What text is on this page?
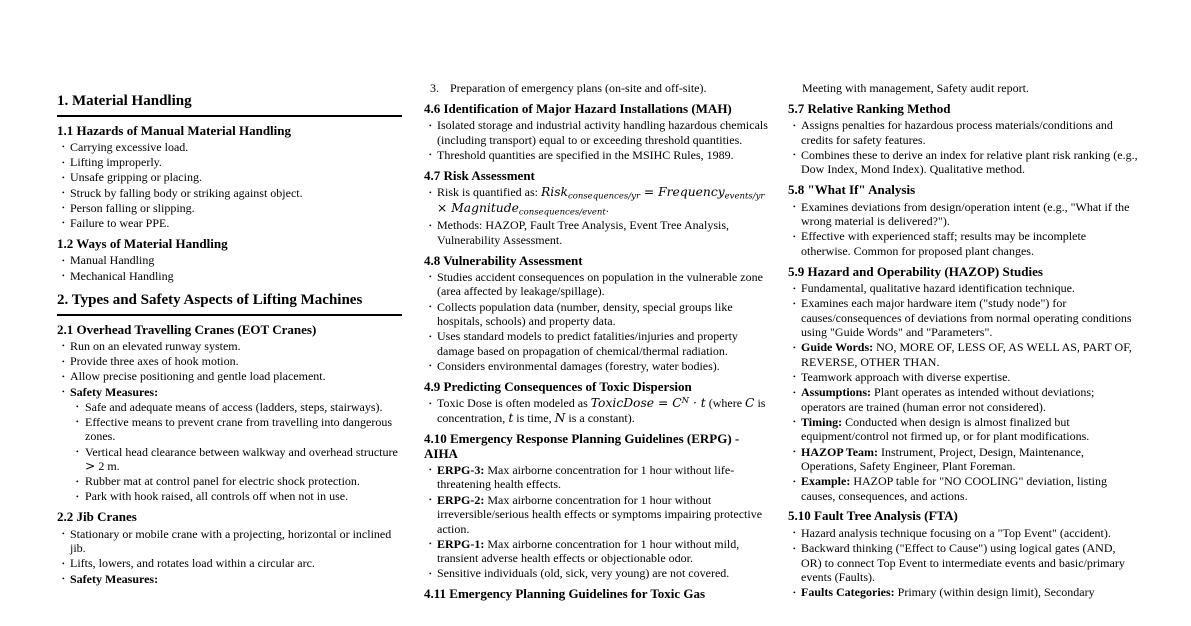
1. Material Handling
1.1 Hazards of Manual Material Handling
• Carrying excessive load.
• Lifting improperly.
• Unsafe gripping or placing.
• Struck by falling body or striking against object.
• Person falling or slipping.
• Failure to wear PPE.
1.2 Ways of Material Handling
• Manual Handling
• Mechanical Handling
2. Types and Safety Aspects of Lifting Machines
2.1 Overhead Travelling Cranes (EOT Cranes)
• Run on an elevated runway system.
• Provide three axes of hook motion.
• Allow precise positioning and gentle load placement.
• Safety Measures:
• Safe and adequate means of access (ladders, steps, stairways).
• Effective means to prevent crane from travelling into dangerous zones.
• Vertical head clearance between walkway and overhead structure > 2 m.
• Rubber mat at control panel for electric shock protection.
• Park with hook raised, all controls off when not in use.
2.2 Jib Cranes
• Stationary or mobile crane with a projecting, horizontal or inclined jib.
• Lifts, lowers, and rotates load within a circular arc.
• Safety Measures:
3. Preparation of emergency plans (on-site and off-site).
4.6 Identification of Major Hazard Installations (MAH)
• Isolated storage and industrial activity handling hazardous chemicals (including transport) equal to or exceeding threshold quantities.
• Threshold quantities are specified in the MSIHC Rules, 1989.
4.7 Risk Assessment
• Risk is quantified as: Risk$_{consequences/yr}$ = Frequency$_{events/yr}$ × Magnitude$_{consequences/event}$.
• Methods: HAZOP, Fault Tree Analysis, Event Tree Analysis, Vulnerability Assessment.
4.8 Vulnerability Assessment
• Studies accident consequences on population in the vulnerable zone (area affected by leakage/spillage).
• Collects population data (number, density, special groups like hospitals, schools) and property data.
• Uses standard models to predict fatalities/injuries and property damage based on propagation of chemical/thermal radiation.
• Considers environmental damages (forestry, water bodies).
4.9 Predicting Consequences of Toxic Dispersion
• Toxic Dose is often modeled as ToxicDose = $C^N \cdot t$ (where C is concentration, t is time, N is a constant).
4.10 Emergency Response Planning Guidelines (ERPG) - AIHA
• ERPG-3: Max airborne concentration for 1 hour without life-threatening health effects.
• ERPG-2: Max airborne concentration for 1 hour without irreversible/serious health effects or symptoms impairing protective action.
• ERPG-1: Max airborne concentration for 1 hour without mild, transient adverse health effects or objectionable odor.
• Sensitive individuals (old, sick, very young) are not covered.
4.11 Emergency Planning Guidelines for Toxic Gas
Meeting with management, Safety audit report.
5.7 Relative Ranking Method
• Assigns penalties for hazardous process materials/conditions and credits for safety features.
• Combines these to derive an index for relative plant risk ranking (e.g., Dow Index, Mond Index). Qualitative method.
5.8 "What If" Analysis
• Examines deviations from design/operation intent (e.g., "What if the wrong material is delivered?").
• Effective with experienced staff; results may be incomplete otherwise. Common for proposed plant changes.
5.9 Hazard and Operability (HAZOP) Studies
• Fundamental, qualitative hazard identification technique.
• Examines each major hardware item ("study node") for causes/consequences of deviations from normal operating conditions using "Guide Words" and "Parameters".
• Guide Words: NO, MORE OF, LESS OF, AS WELL AS, PART OF, REVERSE, OTHER THAN.
• Teamwork approach with diverse expertise.
• Assumptions: Plant operates as intended without deviations; operators are trained (human error not considered).
• Timing: Conducted when design is almost finalized but equipment/control not firmed up, or for plant modifications.
• HAZOP Team: Instrument, Project, Design, Maintenance, Operations, Safety Engineer, Plant Foreman.
• Example: HAZOP table for "NO COOLING" deviation, listing causes, consequences, and actions.
5.10 Fault Tree Analysis (FTA)
• Hazard analysis technique focusing on a "Top Event" (accident).
• Backward thinking ("Effect to Cause") using logical gates (AND, OR) to connect Top Event to intermediate events and basic/primary events (Faults).
• Faults Categories: Primary (within design limit), Secondary
